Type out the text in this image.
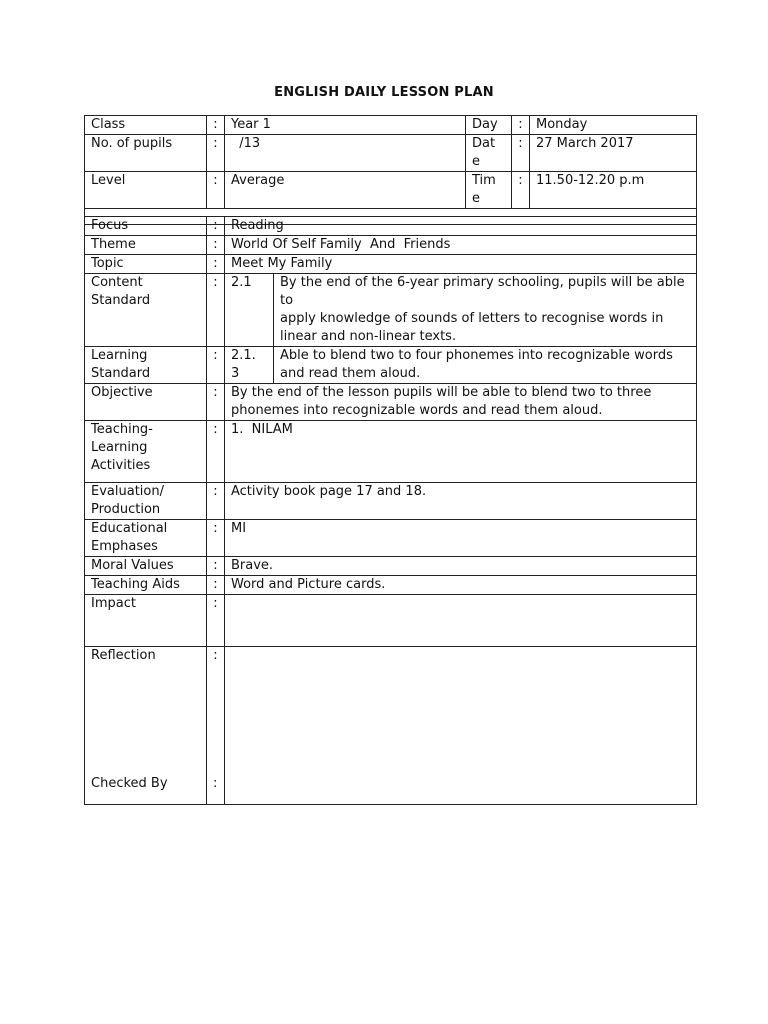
ENGLISH DAILY LESSON PLAN
Class	:	Year 1	Day	:	Monday
No. of pupils	:	/13	Dat e	:	27 March 2017
Level	:	Average	Tim e	:	11.50-12.20 p.m

Focus	:	Reading	
Theme	:	World Of Self Family  And  Friends	
Topic	:	Meet My Family	
Content Standard	:	2.1	By the end of the 6-year primary schooling, pupils will be able to
apply knowledge of sounds of letters to recognise words in linear and non-linear texts.

Learning Standard	:	2.1. 3	Able to blend two to four phonemes into recognizable words and read them aloud.
Objective	:	By the end of the lesson pupils will be able to blend two to three phonemes into recognizable words and read them aloud.	
Teaching-Learning Activities	:	1.  NILAM	
Evaluation/ Production	:	Activity book page 17 and 18.	
Educational Emphases	:	MI	
Moral Values	:	Brave.	
Teaching Aids	:	Word and Picture cards.	
Impact	:		
Reflection	:		
Checked By	:
